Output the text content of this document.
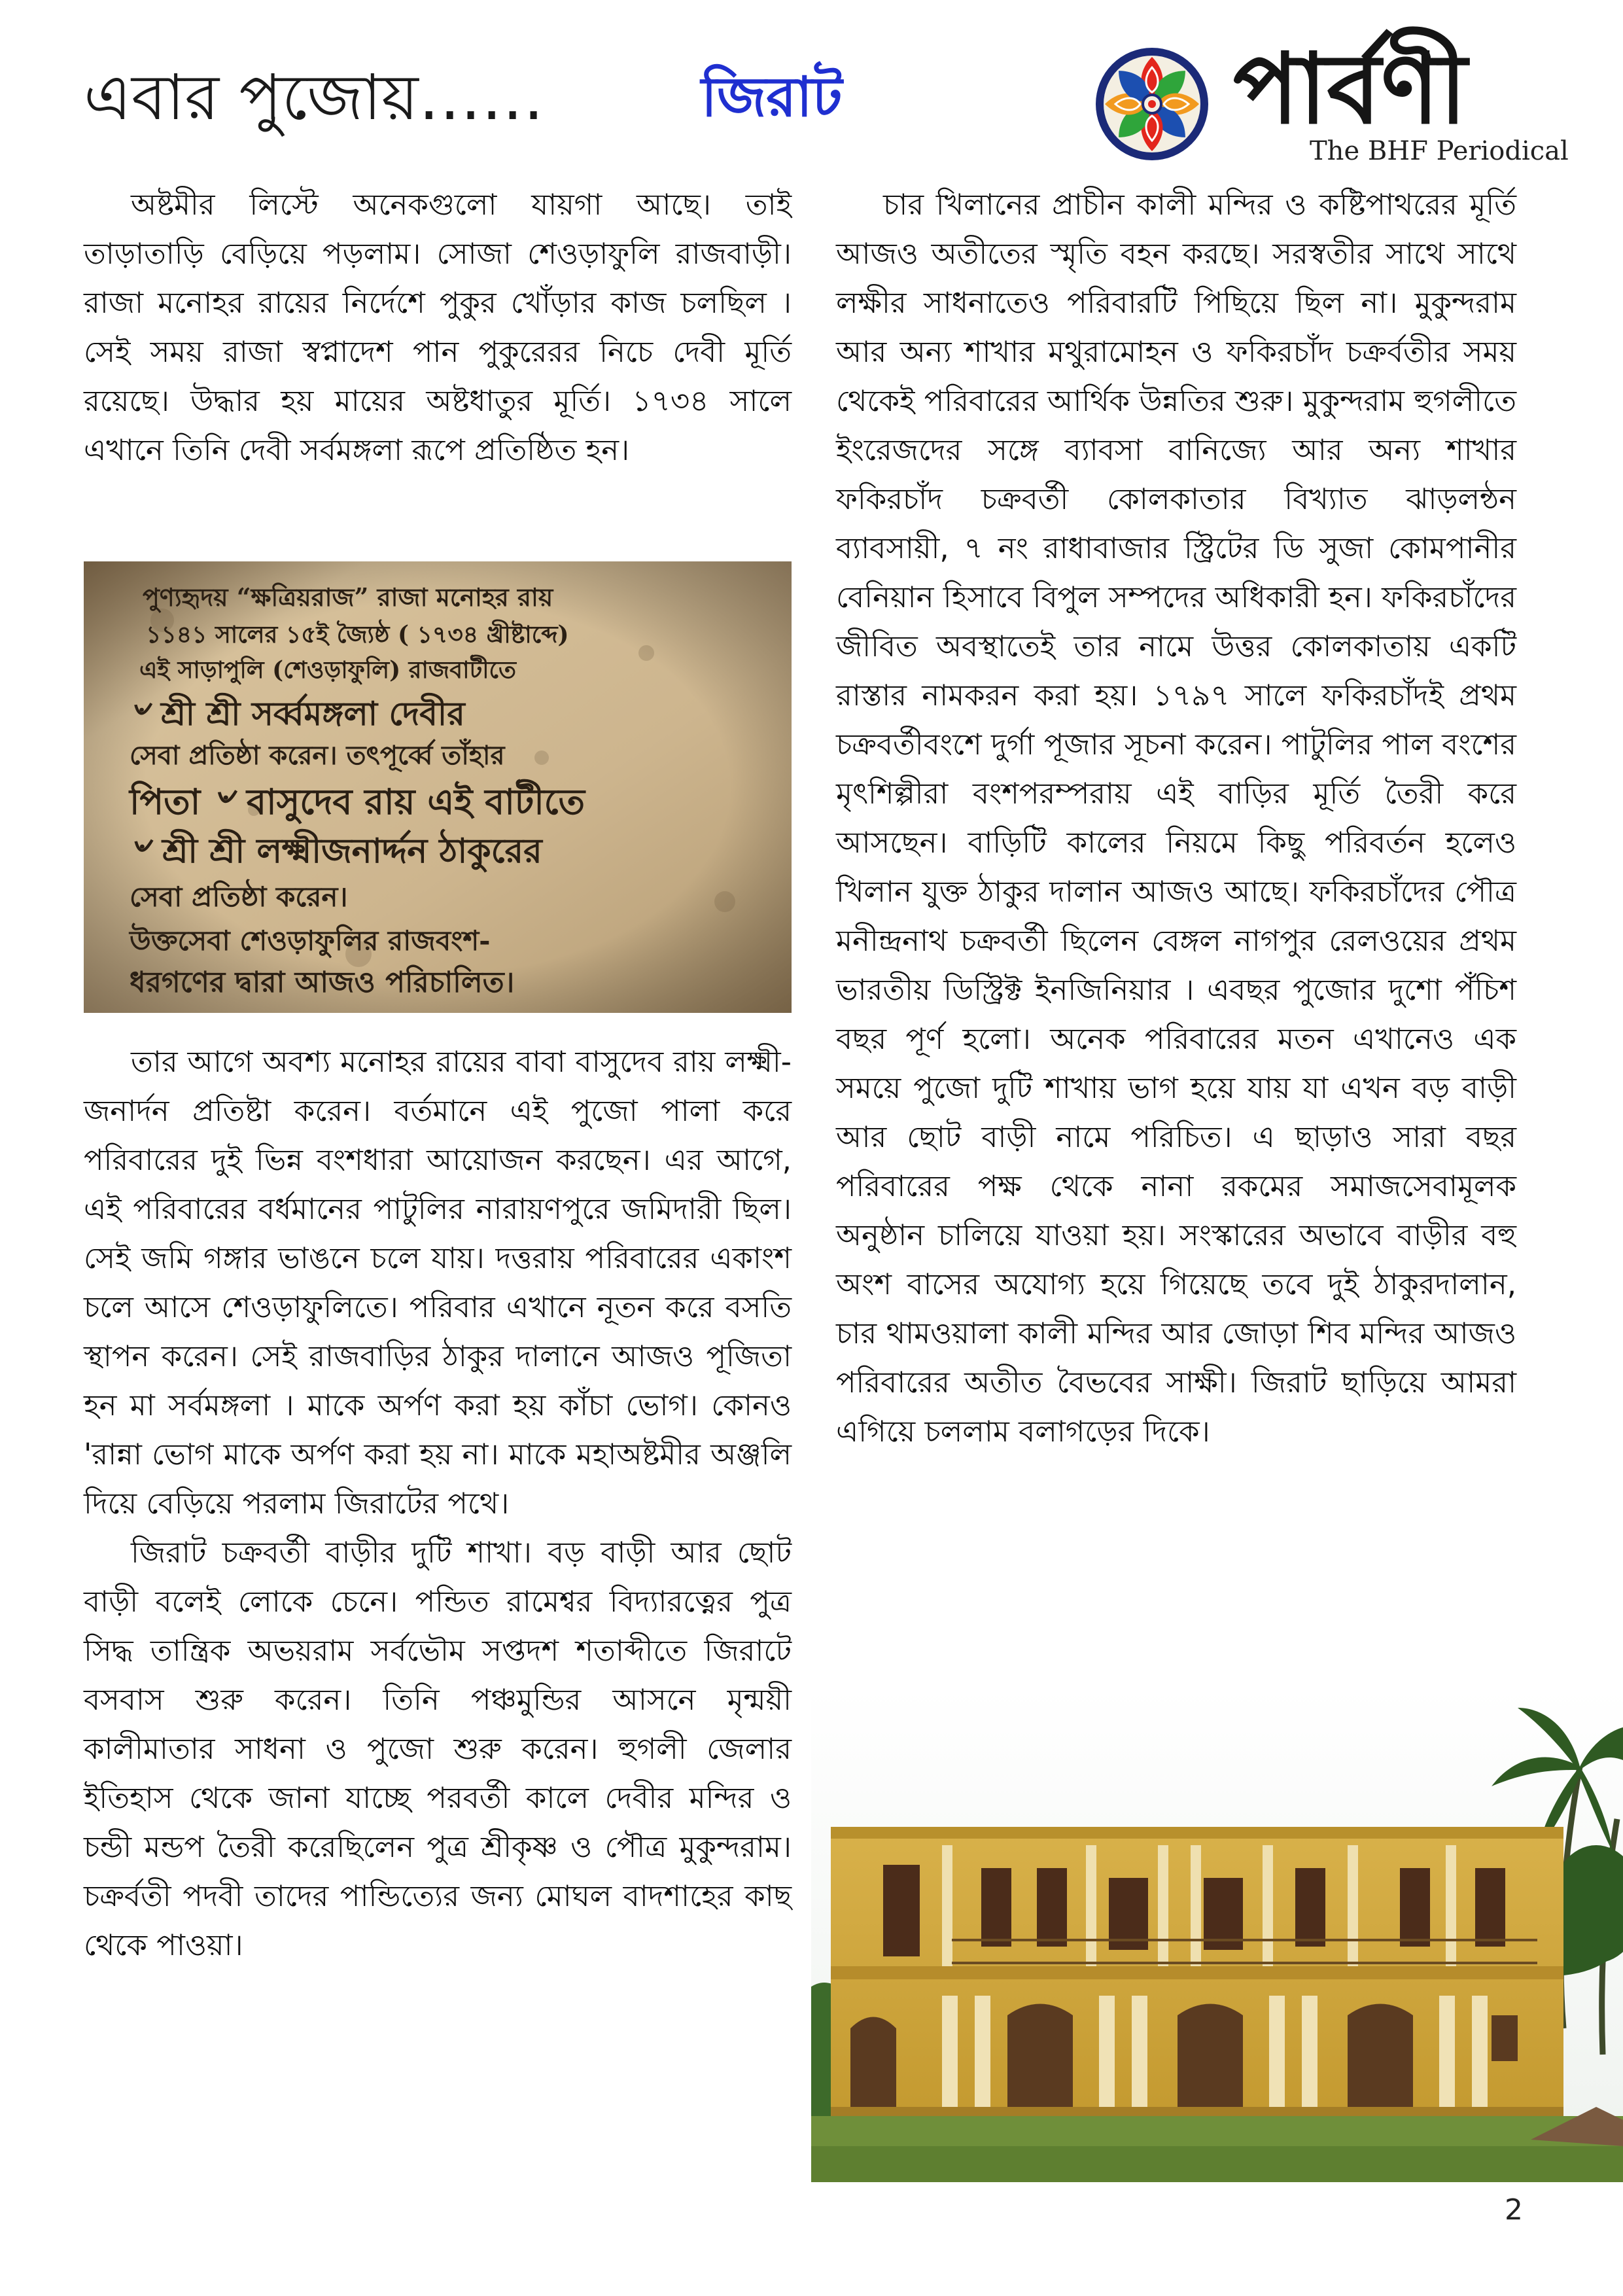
এবার পুজোয়……	জিরাট	পার্বণী
The BHF Periodical

অষ্টমীর লিস্টে অনেকগুলো যায়গা আছে। তাই তাড়াতাড়ি বেড়িয়ে পড়লাম। সোজা শেওড়াফুলি রাজবাড়ী। রাজা মনোহর রায়ের নির্দেশে পুকুর খোঁড়ার কাজ চলছিল । সেই সময় রাজা স্বপ্নাদেশ পান পুকুরেরর নিচে দেবী মূর্তি রয়েছে। উদ্ধার হয় মায়ের অষ্টধাতুর মূর্তি। ১৭৩৪ সালে এখানে তিনি দেবী সর্বমঙ্গলা রূপে প্রতিষ্ঠিত হন।

পুণ্যহৃদয় “ক্ষত্রিয়রাজ” রাজা মনোহর রায়
১১৪১ সালের ১৫ই জ্যৈষ্ঠ ( ১৭৩৪ খ্রীষ্টাব্দে)
এই সাড়াপুলি (শেওড়াফুলি) রাজবাটীতে
৺ শ্রী শ্রী সর্ব্বমঙ্গলা দেবীর
সেবা প্রতিষ্ঠা করেন। তৎপূর্ব্বে তাঁহার
পিতা ৺ বাসুদেব রায় এই বাটীতে
৺ শ্রী শ্রী লক্ষ্মীজনার্দ্দন ঠাকুরের
সেবা প্রতিষ্ঠা করেন।
উক্তসেবা শেওড়াফুলির রাজবংশ-
ধরগণের দ্বারা আজও পরিচালিত।

তার আগে অবশ্য মনোহর রায়ের বাবা বাসুদেব রায় লক্ষ্মী-জনার্দন প্রতিষ্টা করেন। বর্তমানে এই পুজো পালা করে পরিবারের দুই ভিন্ন বংশধারা আয়োজন করছেন। এর আগে, এই পরিবারের বর্ধমানের পাটুলির নারায়ণপুরে জমিদারী ছিল। সেই জমি গঙ্গার ভাঙনে চলে যায়। দত্তরায় পরিবারের একাংশ চলে আসে শেওড়াফুলিতে। পরিবার এখানে নূতন করে বসতি স্থাপন করেন। সেই রাজবাড়ির ঠাকুর দালানে আজও পূজিতা হন মা সর্বমঙ্গলা । মাকে অর্পণ করা হয় কাঁচা ভোগ। কোনও 'রান্না ভোগ মাকে অর্পণ করা হয় না। মাকে মহাঅষ্টমীর অঞ্জলি দিয়ে বেড়িয়ে পরলাম জিরাটের পথে।

জিরাট চক্রবর্তী বাড়ীর দুটি শাখা। বড় বাড়ী আর ছোট বাড়ী বলেই লোকে চেনে। পন্ডিত রামেশ্বর বিদ্যারত্নের পুত্র সিদ্ধ তান্ত্রিক অভয়রাম সর্বভৌম সপ্তদশ শতাব্দীতে জিরাটে বসবাস শুরু করেন। তিনি পঞ্চমুন্ডির আসনে মৃন্ময়ী কালীমাতার সাধনা ও পুজো শুরু করেন। হুগলী জেলার ইতিহাস থেকে জানা যাচ্ছে পরবর্তী কালে দেবীর মন্দির ও চন্ডী মন্ডপ তৈরী করেছিলেন পুত্র শ্রীকৃষ্ণ ও পৌত্র মুকুন্দরাম। চক্রর্বতী পদবী তাদের পান্ডিত্যের জন্য মোঘল বাদশাহের কাছ থেকে পাওয়া।

চার খিলানের প্রাচীন কালী মন্দির ও কষ্টিপাথরের মূর্তি আজও অতীতের স্মৃতি বহন করছে। সরস্বতীর সাথে সাথে লক্ষীর সাধনাতেও পরিবারটি পিছিয়ে ছিল না। মুকুন্দরাম আর অন্য শাখার মথুরামোহন ও ফকিরচাঁদ চক্রর্বতীর সময় থেকেই পরিবারের আর্থিক উন্নতির শুরু। মুকুন্দরাম হুগলীতে ইংরেজদের সঙ্গে ব্যাবসা বানিজ্যে আর অন্য শাখার ফকিরচাঁদ চক্রবর্তী কোলকাতার বিখ্যাত ঝাড়লন্ঠন ব্যাবসায়ী, ৭ নং রাধাবাজার স্ট্রিটের ডি সুজা কোমপানীর বেনিয়ান হিসাবে বিপুল সম্পদের অধিকারী হন। ফকিরচাঁদের জীবিত অবস্থাতেই তার নামে উত্তর কোলকাতায় একটি রাস্তার নামকরন করা হয়। ১৭৯৭ সালে ফকিরচাঁদই প্রথম চক্রবর্তীবংশে দুর্গা পূজার সূচনা করেন। পাটুলির পাল বংশের মৃৎশিল্পীরা বংশপরম্পরায় এই বাড়ির মূর্তি তৈরী করে আসছেন। বাড়িটি কালের নিয়মে কিছু পরিবর্তন হলেও খিলান যুক্ত ঠাকুর দালান আজও আছে। ফকিরচাঁদের পৌত্র মনীন্দ্রনাথ চক্রবর্তী ছিলেন বেঙ্গল নাগপুর রেলওয়ের প্রথম ভারতীয় ডিস্ট্রিক্ট ইনজিনিয়ার । এবছর পুজোর দুশো পঁচিশ বছর পূর্ণ হলো। অনেক পরিবারের মতন এখানেও এক সময়ে পুজো দুটি শাখায় ভাগ হয়ে যায় যা এখন বড় বাড়ী আর ছোট বাড়ী নামে পরিচিত। এ ছাড়াও সারা বছর পরিবারের পক্ষ থেকে নানা রকমের সমাজসেবামূলক অনুষ্ঠান চালিয়ে যাওয়া হয়। সংস্কারের অভাবে বাড়ীর বহু অংশ বাসের অযোগ্য হয়ে গিয়েছে তবে দুই ঠাকুরদালান, চার থামওয়ালা কালী মন্দির আর জোড়া শিব মন্দির আজও পরিবারের অতীত বৈভবের সাক্ষী। জিরাট ছাড়িয়ে আমরা এগিয়ে চললাম বলাগড়ের দিকে।

2
